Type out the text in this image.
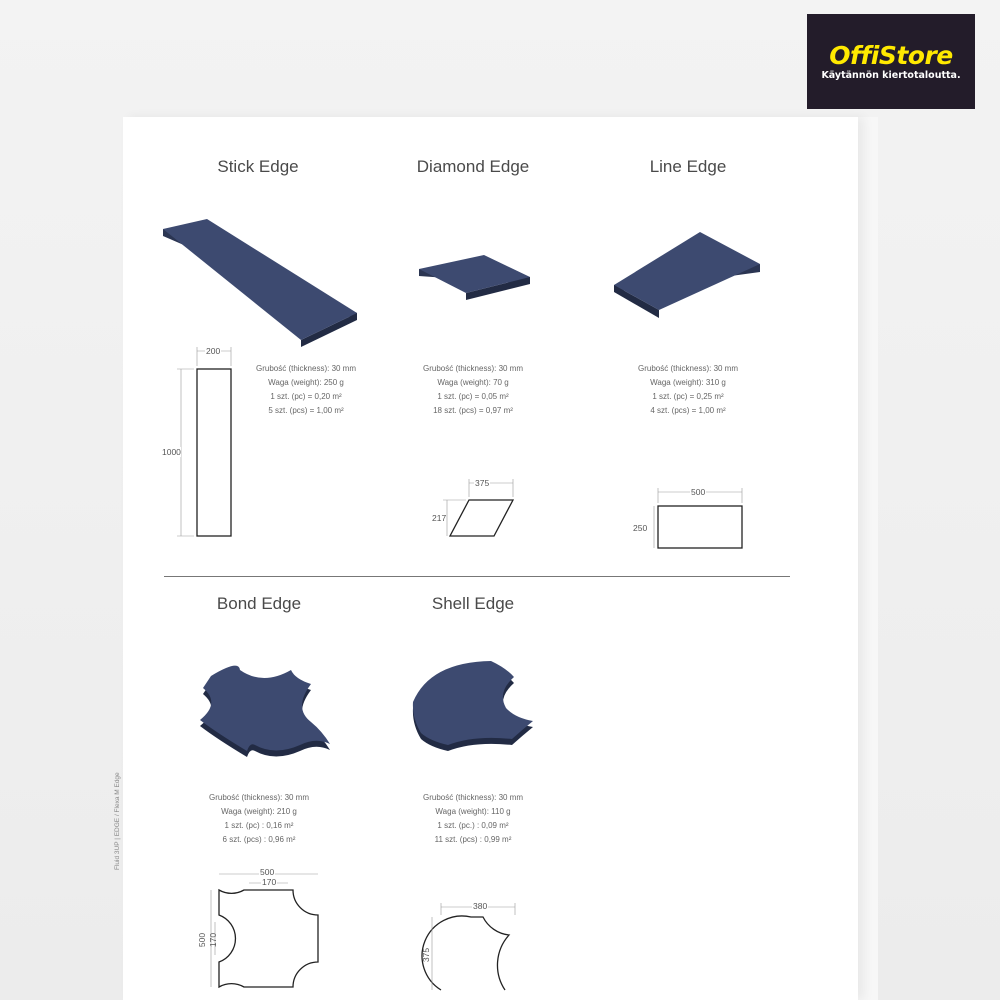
OffiStore
Käytännön kiertotaloutta.
Stick Edge	Diamond Edge	Line Edge
Bond Edge	Shell Edge
Grubość (thickness): 30 mm
Waga (weight): 250 g
1 szt. (pc) = 0,20 m²
5 szt. (pcs) = 1,00 m²
Grubość (thickness): 30 mm
Waga (weight): 70 g
1 szt. (pc) = 0,05 m²
18 szt. (pcs) = 0,97 m²
Grubość (thickness): 30 mm
Waga (weight): 310 g
1 szt. (pc) = 0,25 m²
4 szt. (pcs) = 1,00 m²
Grubość (thickness): 30 mm
Waga (weight): 210 g
1 szt. (pc) : 0,16 m²
6 szt. (pcs) : 0,96 m²
Grubość (thickness): 30 mm
Waga (weight): 110 g
1 szt. (pc.) : 0,09 m²
11 szt. (pcs) : 0,99 m²
200
1000
375
217
500
250
500
170
500 170
380
375
Fluid 3UP | EDGE / Flexa M Edge
